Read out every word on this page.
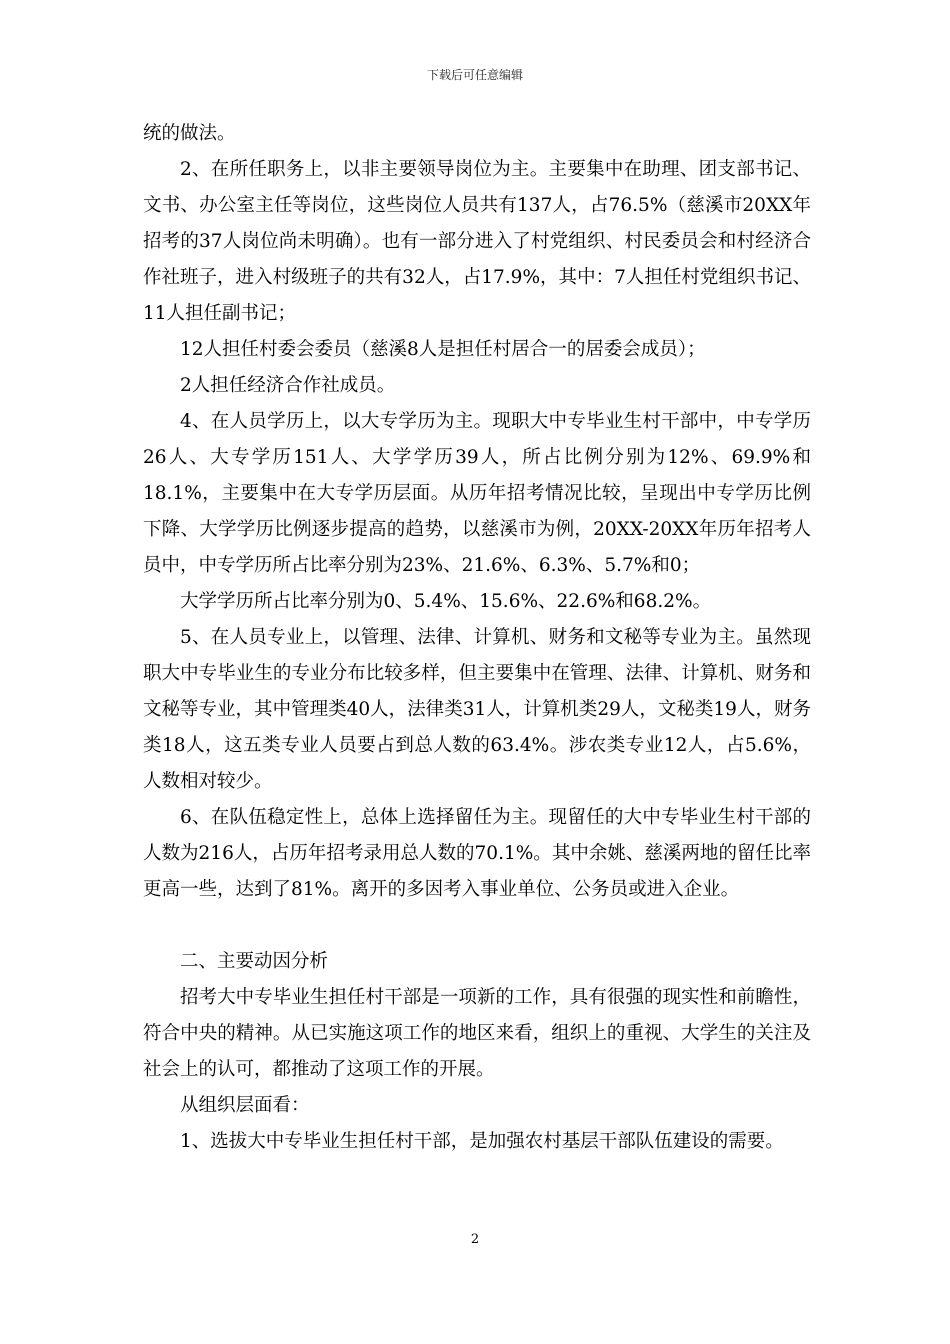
下载后可任意编辑

统的做法。

2、在所任职务上，以非主要领导岗位为主。主要集中在助理、团支部书记、文书、办公室主任等岗位，这些岗位人员共有137人，占76.5%（慈溪市20XX年招考的37人岗位尚未明确）。也有一部分进入了村党组织、村民委员会和村经济合作社班子，进入村级班子的共有32人，占17.9%，其中：7人担任村党组织书记、11人担任副书记；

12人担任村委会委员（慈溪8人是担任村居合一的居委会成员）；

2人担任经济合作社成员。

4、在人员学历上，以大专学历为主。现职大中专毕业生村干部中，中专学历26人、大专学历151人、大学学历39人，所占比例分别为12%、69.9%和18.1%，主要集中在大专学历层面。从历年招考情况比较，呈现出中专学历比例下降、大学学历比例逐步提高的趋势，以慈溪市为例，20XX-20XX年历年招考人员中，中专学历所占比率分别为23%、21.6%、6.3%、5.7%和0；

大学学历所占比率分别为0、5.4%、15.6%、22.6%和68.2%。

5、在人员专业上，以管理、法律、计算机、财务和文秘等专业为主。虽然现职大中专毕业生的专业分布比较多样，但主要集中在管理、法律、计算机、财务和文秘等专业，其中管理类40人，法律类31人，计算机类29人，文秘类19人，财务类18人，这五类专业人员要占到总人数的63.4%。涉农类专业12人，占5.6%，人数相对较少。

6、在队伍稳定性上，总体上选择留任为主。现留任的大中专毕业生村干部的人数为216人，占历年招考录用总人数的70.1%。其中余姚、慈溪两地的留任比率更高一些，达到了81%。离开的多因考入事业单位、公务员或进入企业。

二、主要动因分析

招考大中专毕业生担任村干部是一项新的工作，具有很强的现实性和前瞻性，符合中央的精神。从已实施这项工作的地区来看，组织上的重视、大学生的关注及社会上的认可，都推动了这项工作的开展。

从组织层面看：

1、选拔大中专毕业生担任村干部，是加强农村基层干部队伍建设的需要。

2
